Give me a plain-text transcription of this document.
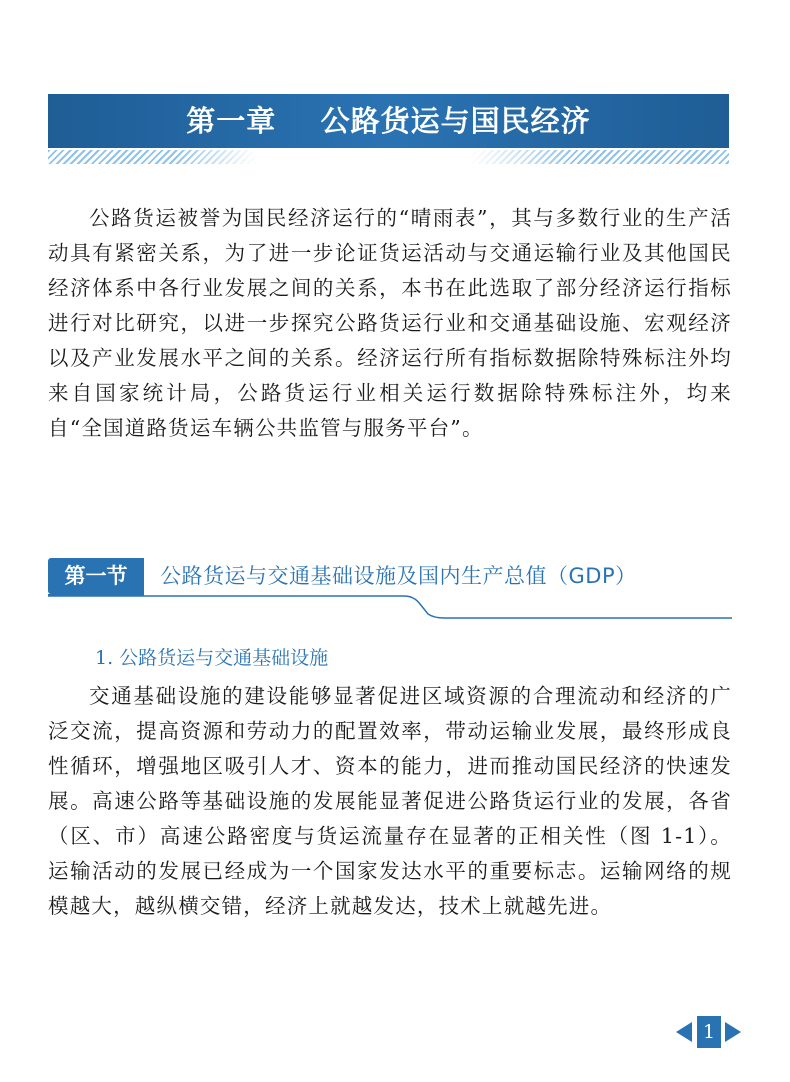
第一章    公路货运与国民经济

公路货运被誉为国民经济运行的“晴雨表”，其与多数行业的生产活动具有紧密关系，为了进一步论证货运活动与交通运输行业及其他国民经济体系中各行业发展之间的关系，本书在此选取了部分经济运行指标进行对比研究，以进一步探究公路货运行业和交通基础设施、宏观经济以及产业发展水平之间的关系。经济运行所有指标数据除特殊标注外均来自国家统计局，公路货运行业相关运行数据除特殊标注外，均来自“全国道路货运车辆公共监管与服务平台”。

第一节	公路货运与交通基础设施及国内生产总值（GDP）
1. 公路货运与交通基础设施

交通基础设施的建设能够显著促进区域资源的合理流动和经济的广泛交流，提高资源和劳动力的配置效率，带动运输业发展，最终形成良性循环，增强地区吸引人才、资本的能力，进而推动国民经济的快速发展。高速公路等基础设施的发展能显著促进公路货运行业的发展，各省（区、市）高速公路密度与货运流量存在显著的正相关性（图 1-1）。运输活动的发展已经成为一个国家发达水平的重要标志。运输网络的规模越大，越纵横交错，经济上就越发达，技术上就越先进。

1
